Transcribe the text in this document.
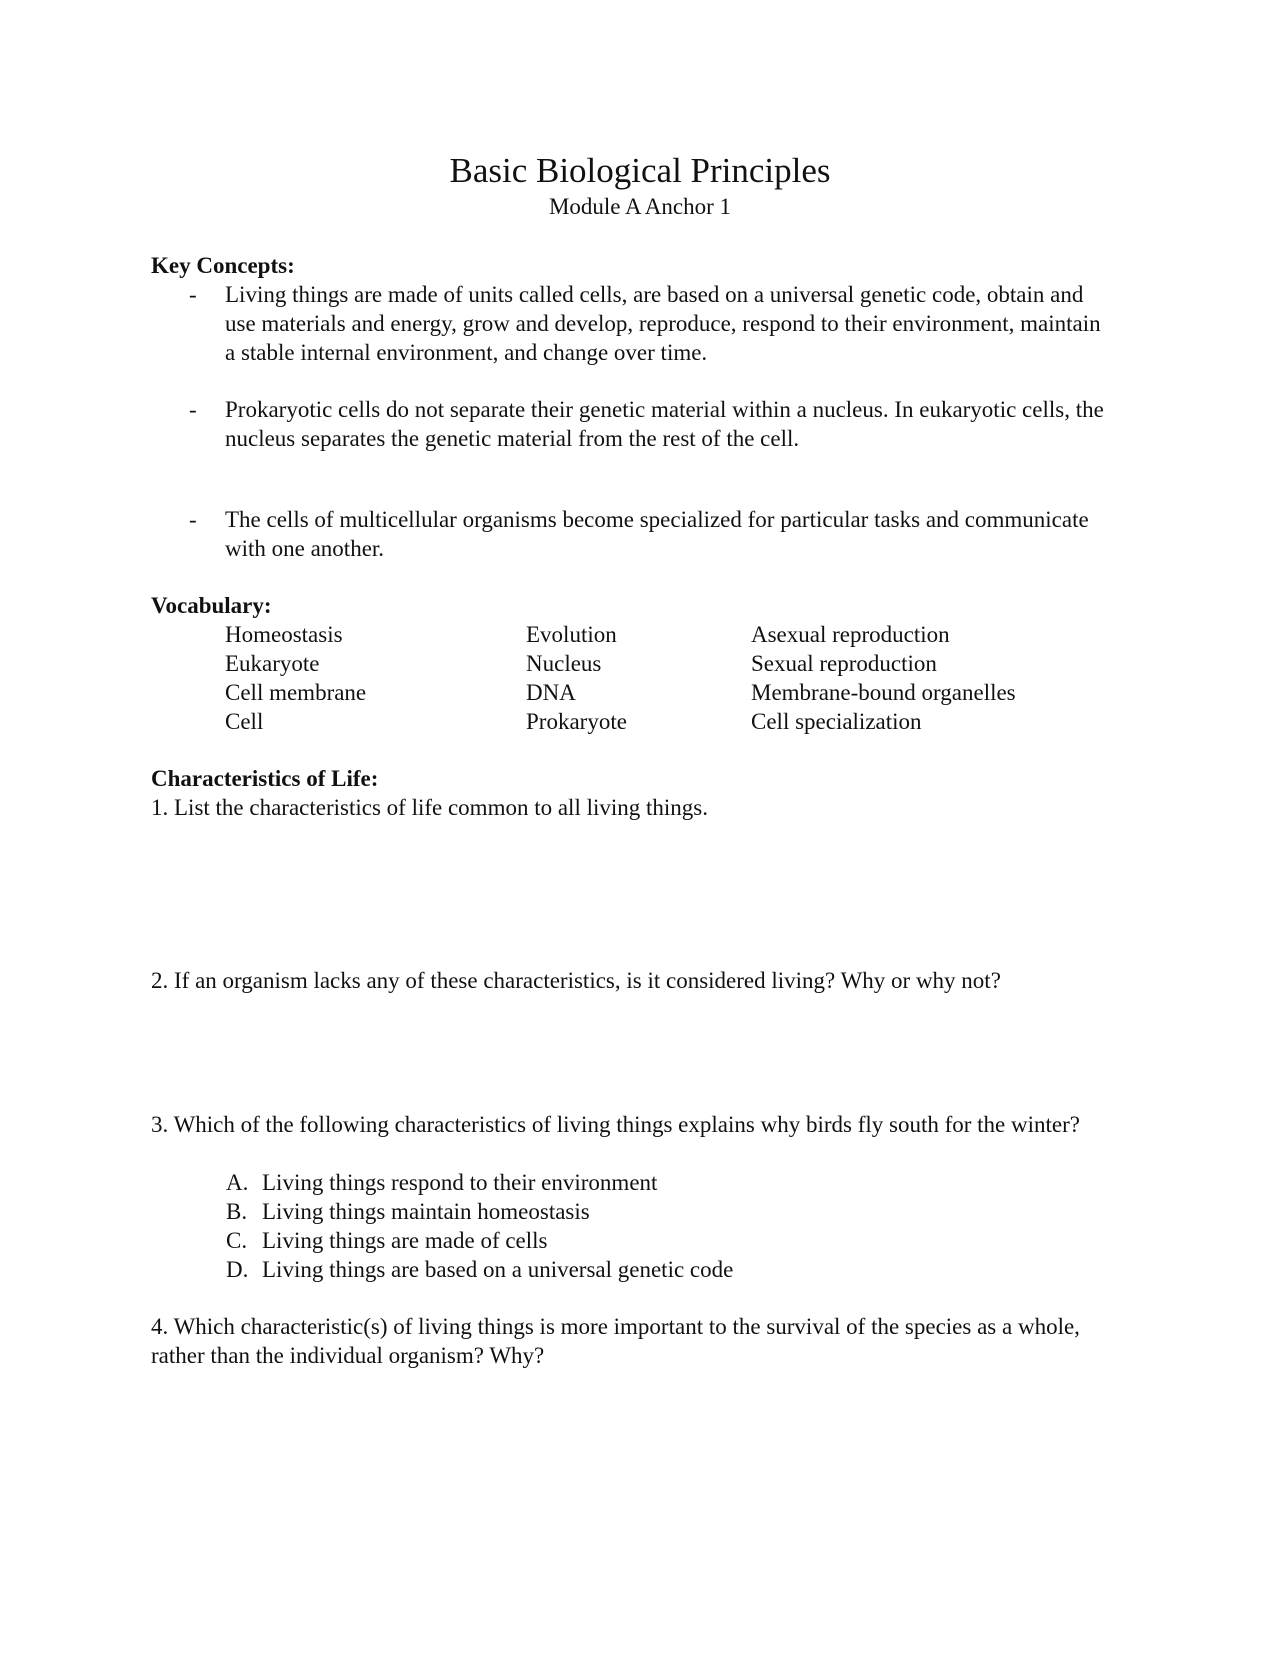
Basic Biological Principles
Module A Anchor 1
Key Concepts:
- Living things are made of units called cells, are based on a universal genetic code, obtain and use materials and energy, grow and develop, reproduce, respond to their environment, maintain a stable internal environment, and change over time.
- Prokaryotic cells do not separate their genetic material within a nucleus. In eukaryotic cells, the nucleus separates the genetic material from the rest of the cell.
- The cells of multicellular organisms become specialized for particular tasks and communicate with one another.
Vocabulary:
Homeostasis
Eukaryote
Cell membrane
Cell
Evolution
Nucleus
DNA
Prokaryote
Asexual reproduction
Sexual reproduction
Membrane-bound organelles
Cell specialization
Characteristics of Life:
1. List the characteristics of life common to all living things.
2. If an organism lacks any of these characteristics, is it considered living? Why or why not?
3. Which of the following characteristics of living things explains why birds fly south for the winter?
A. Living things respond to their environment
B. Living things maintain homeostasis
C. Living things are made of cells
D. Living things are based on a universal genetic code
4. Which characteristic(s) of living things is more important to the survival of the species as a whole, rather than the individual organism? Why?
